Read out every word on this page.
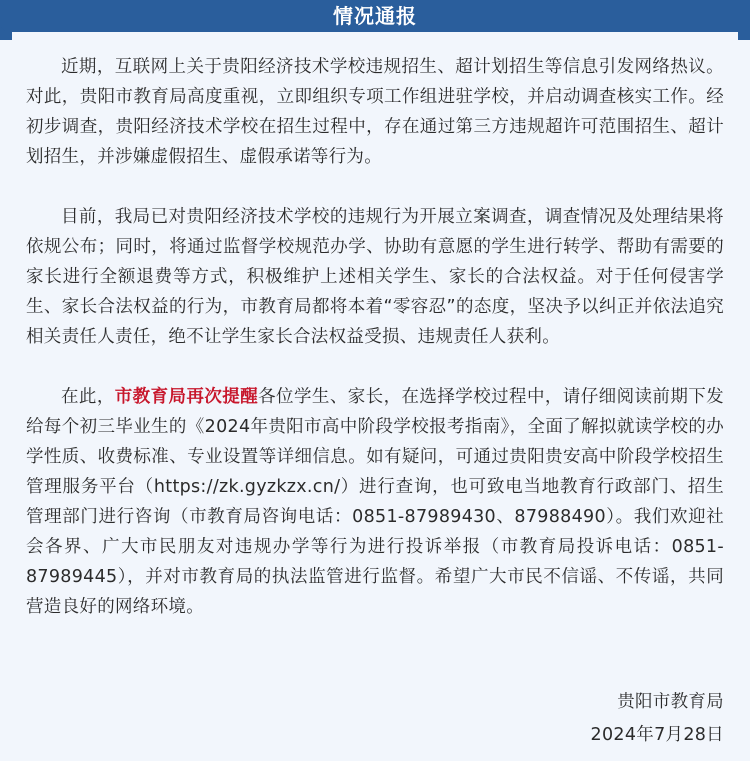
情况通报

近期，互联网上关于贵阳经济技术学校违规招生、超计划招生等信息引发网络热议。对此，贵阳市教育局高度重视，立即组织专项工作组进驻学校，并启动调查核实工作。经初步调查，贵阳经济技术学校在招生过程中，存在通过第三方违规超许可范围招生、超计划招生，并涉嫌虚假招生、虚假承诺等行为。

目前，我局已对贵阳经济技术学校的违规行为开展立案调查，调查情况及处理结果将依规公布；同时，将通过监督学校规范办学、协助有意愿的学生进行转学、帮助有需要的家长进行全额退费等方式，积极维护上述相关学生、家长的合法权益。对于任何侵害学生、家长合法权益的行为，市教育局都将本着“零容忍”的态度，坚决予以纠正并依法追究相关责任人责任，绝不让学生家长合法权益受损、违规责任人获利。

在此，市教育局再次提醒各位学生、家长，在选择学校过程中，请仔细阅读前期下发给每个初三毕业生的《2024年贵阳市高中阶段学校报考指南》，全面了解拟就读学校的办学性质、收费标准、专业设置等详细信息。如有疑问，可通过贵阳贵安高中阶段学校招生管理服务平台（https://zk.gyzkzx.cn/）进行查询，也可致电当地教育行政部门、招生管理部门进行咨询（市教育局咨询电话：0851-87989430、87988490）。我们欢迎社会各界、广大市民朋友对违规办学等行为进行投诉举报（市教育局投诉电话：0851-87989445），并对市教育局的执法监管进行监督。希望广大市民不信谣、不传谣，共同营造良好的网络环境。

贵阳市教育局
2024年7月28日
